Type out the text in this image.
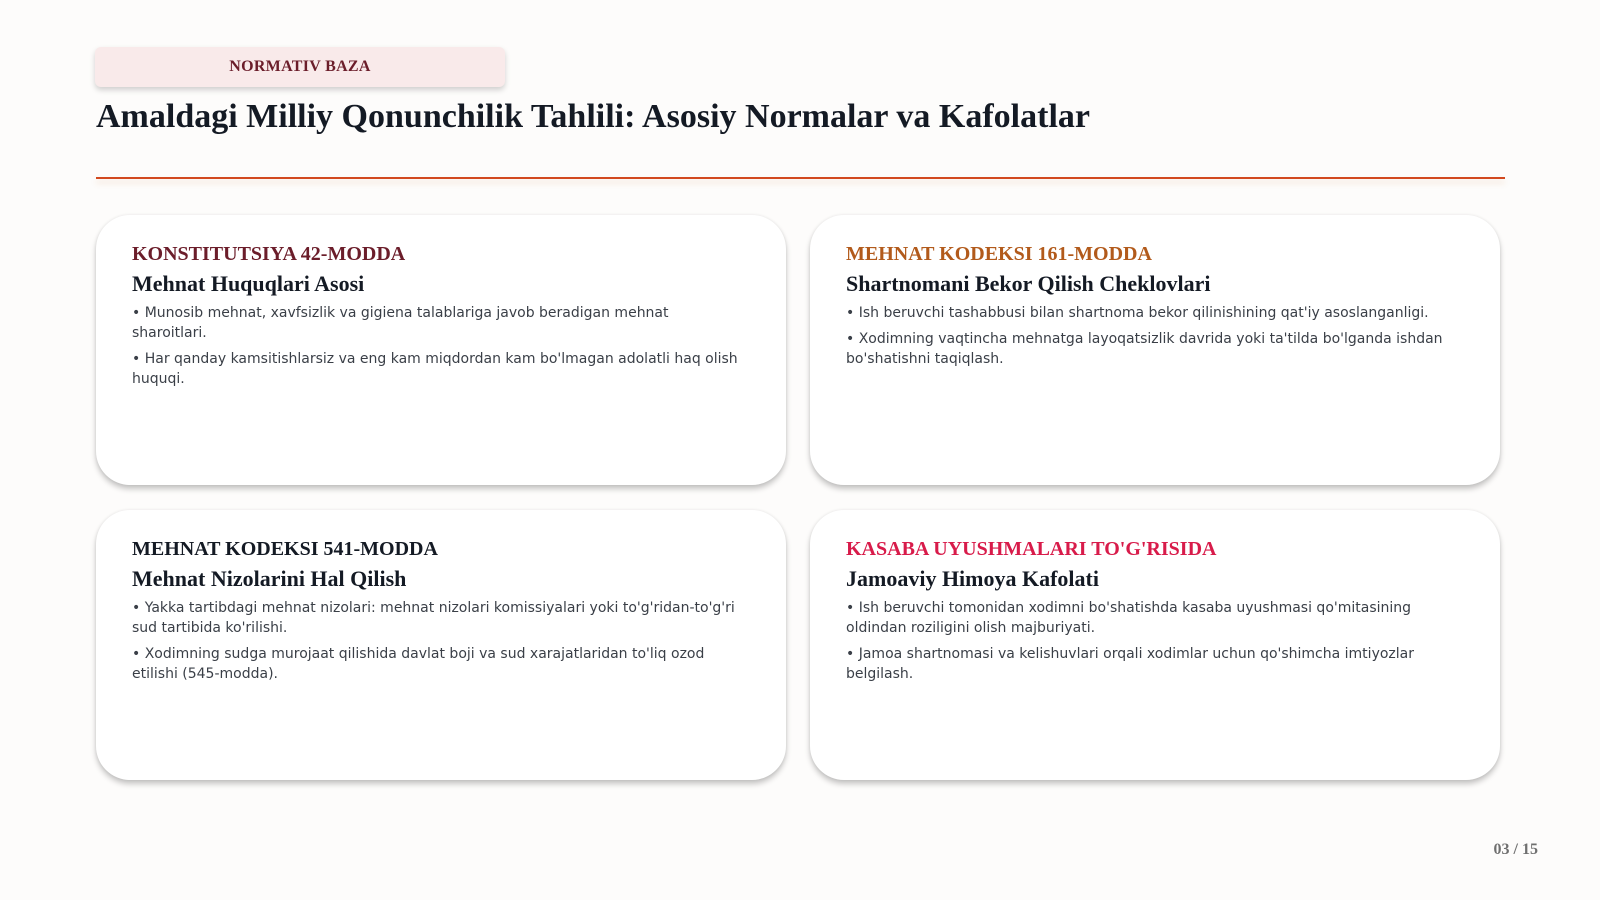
NORMATIV BAZA
Amaldagi Milliy Qonunchilik Tahlili: Asosiy Normalar va Kafolatlar
KONSTITUTSIYA 42-MODDA
Mehnat Huquqlari Asosi
• Munosib mehnat, xavfsizlik va gigiena talablariga javob beradigan mehnat sharoitlari.
• Har qanday kamsitishlarsiz va eng kam miqdordan kam bo'lmagan adolatli haq olish huquqi.
MEHNAT KODEKSI 161-MODDA
Shartnomani Bekor Qilish Cheklovlari
• Ish beruvchi tashabbusi bilan shartnoma bekor qilinishining qat'iy asoslanganligi.
• Xodimning vaqtincha mehnatga layoqatsizlik davrida yoki ta'tilda bo'lganda ishdan bo'shatishni taqiqlash.
MEHNAT KODEKSI 541-MODDA
Mehnat Nizolarini Hal Qilish
• Yakka tartibdagi mehnat nizolari: mehnat nizolari komissiyalari yoki to'g'ridan-to'g'ri sud tartibida ko'rilishi.
• Xodimning sudga murojaat qilishida davlat boji va sud xarajatlaridan to'liq ozod etilishi (545-modda).
KASABA UYUSHMALARI TO'G'RISIDA
Jamoaviy Himoya Kafolati
• Ish beruvchi tomonidan xodimni bo'shatishda kasaba uyushmasi qo'mitasining oldindan roziligini olish majburiyati.
• Jamoa shartnomasi va kelishuvlari orqali xodimlar uchun qo'shimcha imtiyozlar belgilash.
03 / 15
